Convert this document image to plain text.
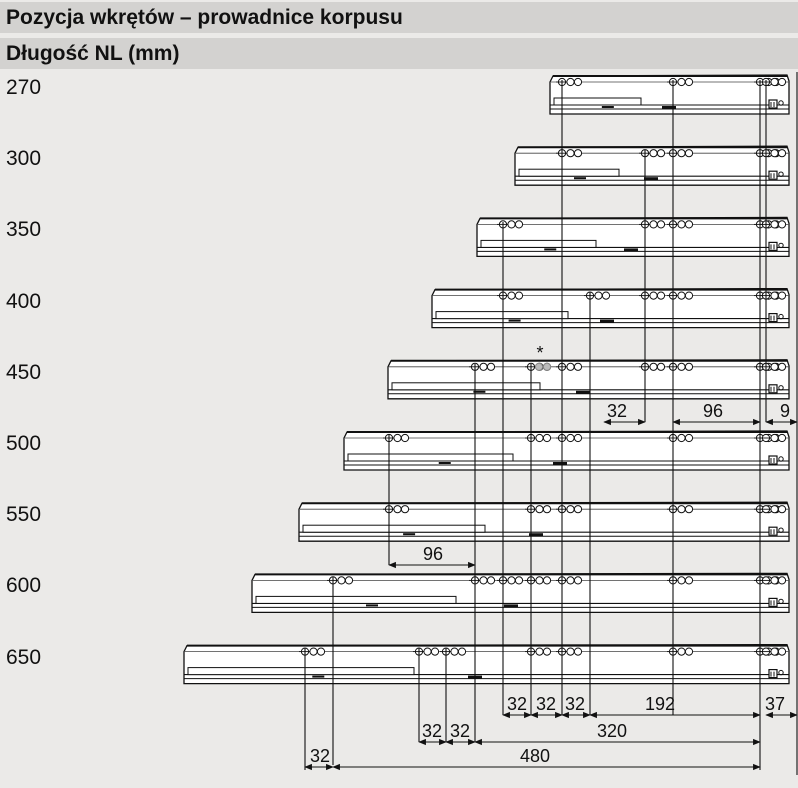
Pozycja wkrętów – prowadnice korpusu
Długość NL (mm)
270
300
350
400
450
500
550
600
650
*
32	96	9
96
32 32 32	192	37
32 32	320
32	480
